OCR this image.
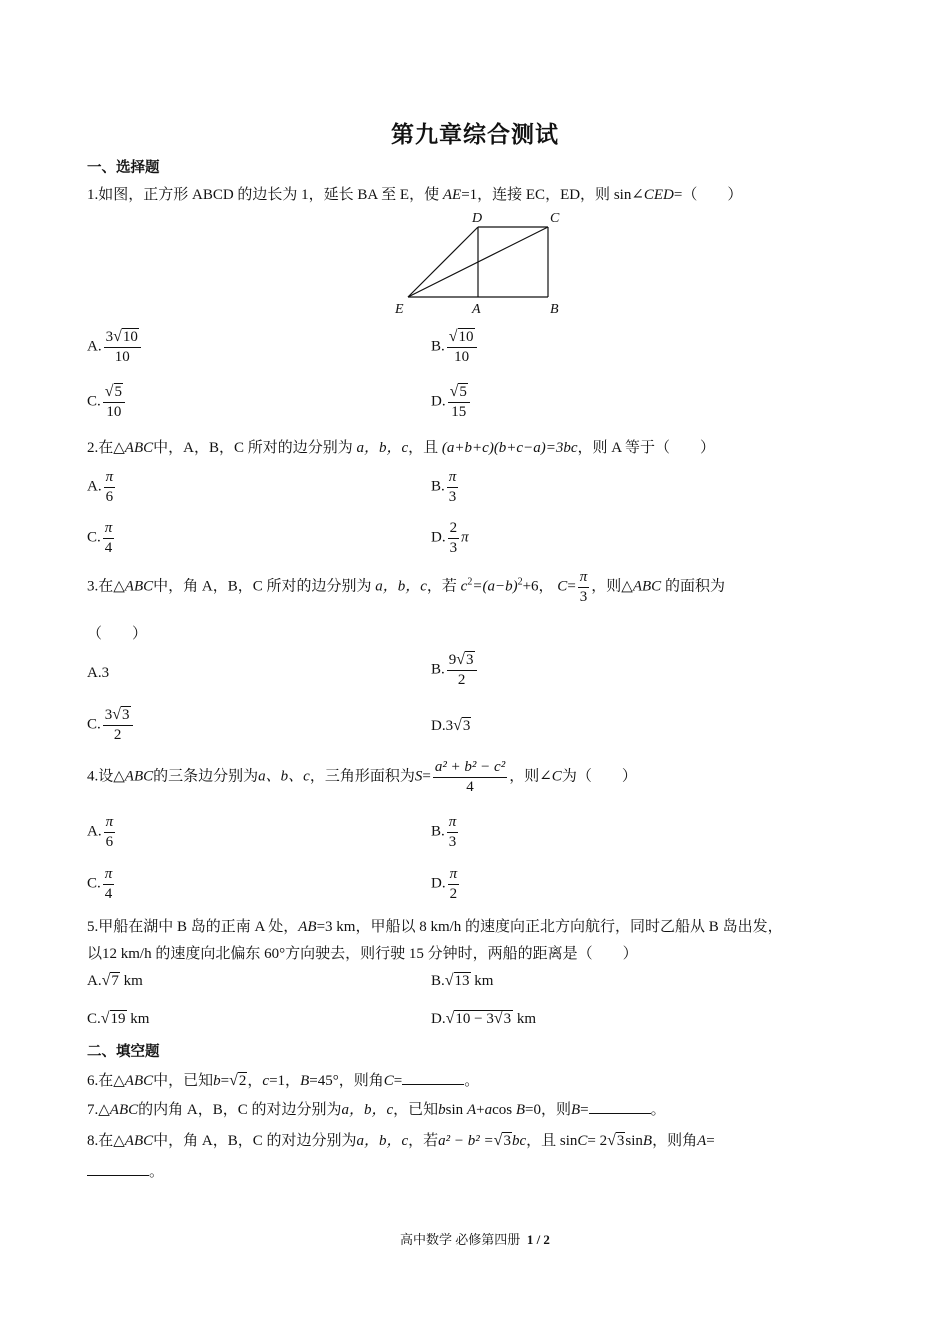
第九章综合测试
一、选择题
1.如图，正方形 ABCD 的边长为 1，延长 BA 至 E，使 AE=1，连接 EC，ED，则 sin∠CED=（　　）
D	C
E	A	B
A. $\frac{3√10}{10}$	B. $\frac{√10}{10}$
C. $\frac{√5}{10}$	D. $\frac{√5}{15}$
2.在△ABC中，A，B，C 所对的边分别为 a，b，c，且 (a+b+c)(b+c−a)=3bc，则 A 等于（　　）
A. $\frac{\pi}{6}$	B. $\frac{\pi}{3}$
C. $\frac{\pi}{4}$	D. $\frac{2}{3}$ π
3.在△ABC中，角 A，B，C 所对的边分别为 a，b，c，若 $c^2=(a-b)^2+6$， $C= \frac{\pi}{3}$ ，则△ABC 的面积为
（　　）
A.3	B. $\frac{9√3}{2}$
C. $\frac{3√3}{2}$	D.3√3
4.设△ABC的三条边分别为a、b、c，三角形面积为$S= \frac{\text{a² + b² − c²}}{4}$ ，则∠C为（　　）
A. $\frac{\pi}{6}$	B. $\frac{\pi}{3}$
C. $\frac{\pi}{4}$	D. $\frac{\pi}{2}$
5.甲船在湖中 B 岛的正南 A 处，AB=3 km，甲船以 8 km/h 的速度向正北方向航行，同时乙船从 B 岛出发，
以12 km/h 的速度向北偏东 60°方向驶去，则行驶 15 分钟时，两船的距离是（　　）
A.√7 km	B.√13 km
C.√19 km	D.√10 − 3√3 km
二、填空题
6.在△ABC中，已知b=√2，c=1，B=45°，则角C=	。
7.△ABC的内角 A，B，C 的对边分别为a，b，c，已知bsin A+acos B=0，则B=	。
8.在△ABC中，角 A，B，C 的对边分别为a，b，c，若a² − b² =√3bc，且 sinC= 2√3sinB，则角A=
。
高中数学 必修第四册 1 / 2
